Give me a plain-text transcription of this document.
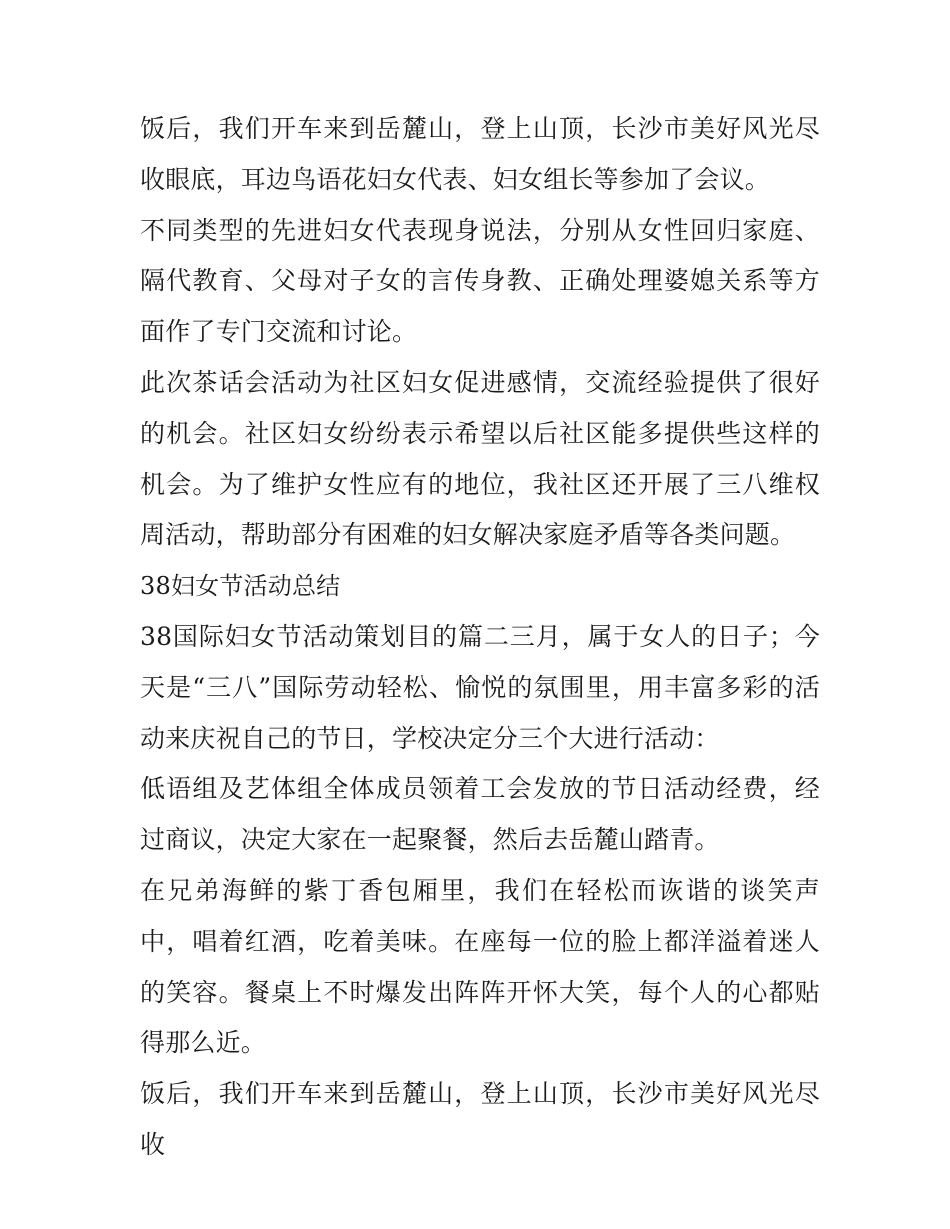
饭后，我们开车来到岳麓山，登上山顶，长沙市美好风光尽收眼底，耳边鸟语花妇女代表、妇女组长等参加了会议。

不同类型的先进妇女代表现身说法，分别从女性回归家庭、隔代教育、父母对子女的言传身教、正确处理婆媳关系等方面作了专门交流和讨论。

此次茶话会活动为社区妇女促进感情，交流经验提供了很好的机会。社区妇女纷纷表示希望以后社区能多提供些这样的机会。为了维护女性应有的地位，我社区还开展了三八维权周活动，帮助部分有困难的妇女解决家庭矛盾等各类问题。

38妇女节活动总结

38国际妇女节活动策划目的篇二三月，属于女人的日子；今天是“三八”国际劳动轻松、愉悦的氛围里，用丰富多彩的活动来庆祝自己的节日，学校决定分三个大进行活动：

低语组及艺体组全体成员领着工会发放的节日活动经费，经过商议，决定大家在一起聚餐，然后去岳麓山踏青。

在兄弟海鲜的紫丁香包厢里，我们在轻松而诙谐的谈笑声中，唱着红酒，吃着美味。在座每一位的脸上都洋溢着迷人的笑容。餐桌上不时爆发出阵阵开怀大笑，每个人的心都贴得那么近。

饭后，我们开车来到岳麓山，登上山顶，长沙市美好风光尽收
